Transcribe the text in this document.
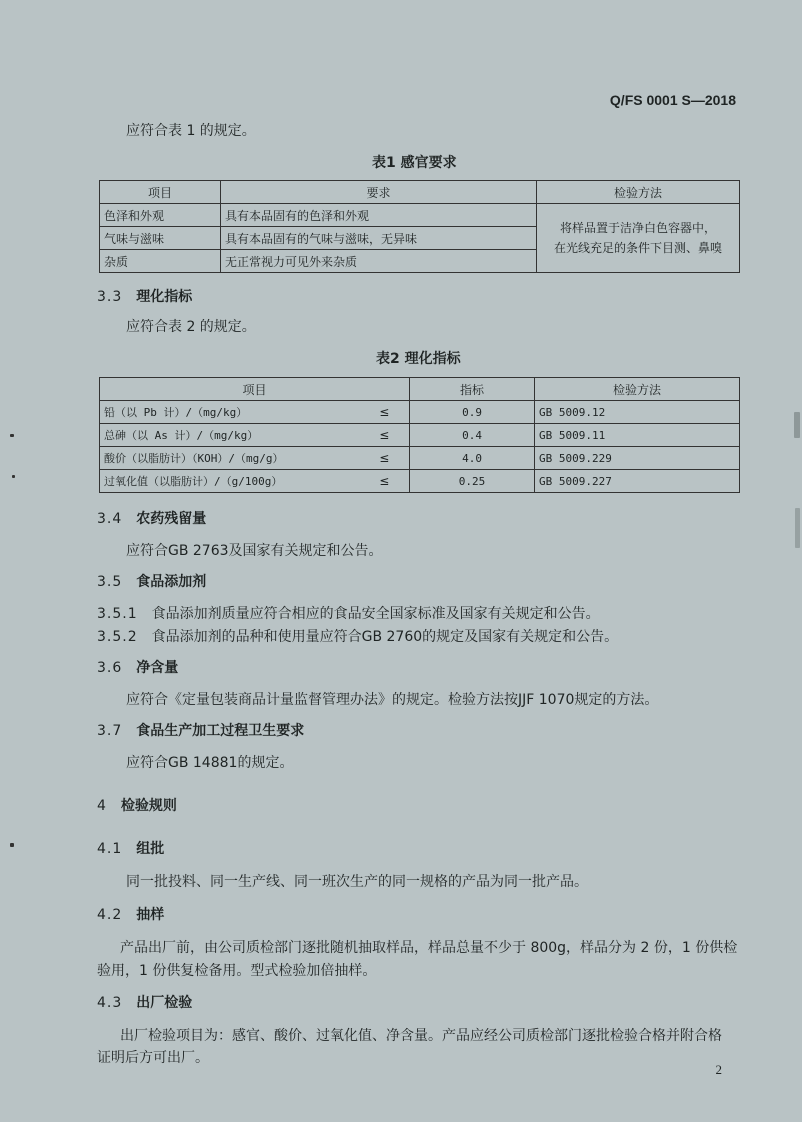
Q/FS 0001 S—2018
应符合表 1 的规定。
表1 感官要求
项目	要求	检验方法
色泽和外观	具有本品固有的色泽和外观	将样品置于洁净白色容器中，
在光线充足的条件下目测、鼻嗅

气味与滋味	具有本品固有的气味与滋味，无异味	
杂质	无正常视力可见外来杂质	
3.3 理化指标
应符合表 2 的规定。
表2 理化指标
项目		指标	检验方法
铅（以 Pb 计）/（mg/kg）	≤	0.9	GB 5009.12
总砷（以 As 计）/（mg/kg）	≤	0.4	GB 5009.11
酸价（以脂肪计）（KOH）/（mg/g）	≤	4.0	GB 5009.229
过氧化值（以脂肪计）/（g/100g）	≤	0.25	GB 5009.227
3.4 农药残留量
应符合GB 2763及国家有关规定和公告。
3.5 食品添加剂
3.5.1 食品添加剂质量应符合相应的食品安全国家标准及国家有关规定和公告。
3.5.2 食品添加剂的品种和使用量应符合GB 2760的规定及国家有关规定和公告。
3.6 净含量
应符合《定量包装商品计量监督管理办法》的规定。检验方法按JJF 1070规定的方法。
3.7 食品生产加工过程卫生要求
应符合GB 14881的规定。
4 检验规则
4.1 组批
同一批投料、同一生产线、同一班次生产的同一规格的产品为同一批产品。
4.2 抽样
产品出厂前，由公司质检部门逐批随机抽取样品，样品总量不少于 800g，样品分为 2 份，1 份供检
验用，1 份供复检备用。型式检验加倍抽样。
4.3 出厂检验
出厂检验项目为：感官、酸价、过氧化值、净含量。产品应经公司质检部门逐批检验合格并附合格
证明后方可出厂。
2
